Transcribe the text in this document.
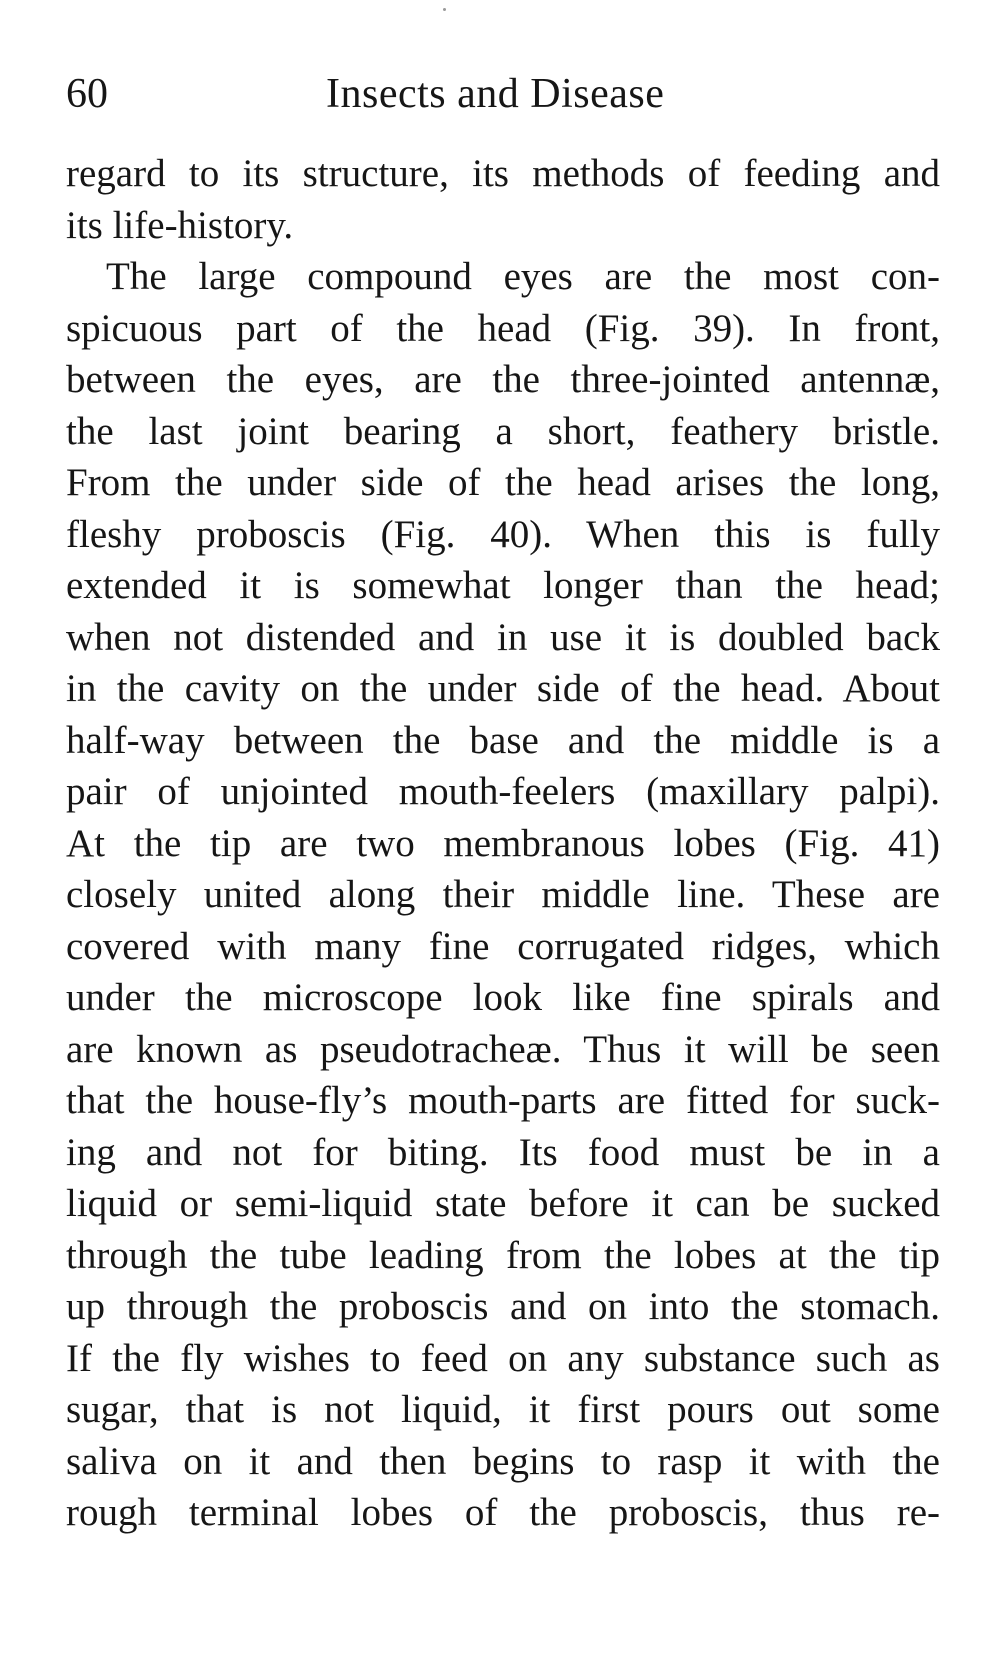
60	Insects and Disease
regard to its structure, its methods of feeding and
its life-history.
The large compound eyes are the most con-
spicuous part of the head (Fig. 39). In front,
between the eyes, are the three-jointed antennæ,
the last joint bearing a short, feathery bristle.
From the under side of the head arises the long,
fleshy proboscis (Fig. 40). When this is fully
extended it is somewhat longer than the head;
when not distended and in use it is doubled back
in the cavity on the under side of the head. About
half-way between the base and the middle is a
pair of unjointed mouth-feelers (maxillary palpi).
At the tip are two membranous lobes (Fig. 41)
closely united along their middle line. These are
covered with many fine corrugated ridges, which
under the microscope look like fine spirals and
are known as pseudotracheæ. Thus it will be seen
that the house-fly’s mouth-parts are fitted for suck-
ing and not for biting. Its food must be in a
liquid or semi-liquid state before it can be sucked
through the tube leading from the lobes at the tip
up through the proboscis and on into the stomach.
If the fly wishes to feed on any substance such as
sugar, that is not liquid, it first pours out some
saliva on it and then begins to rasp it with the
rough terminal lobes of the proboscis, thus re-
